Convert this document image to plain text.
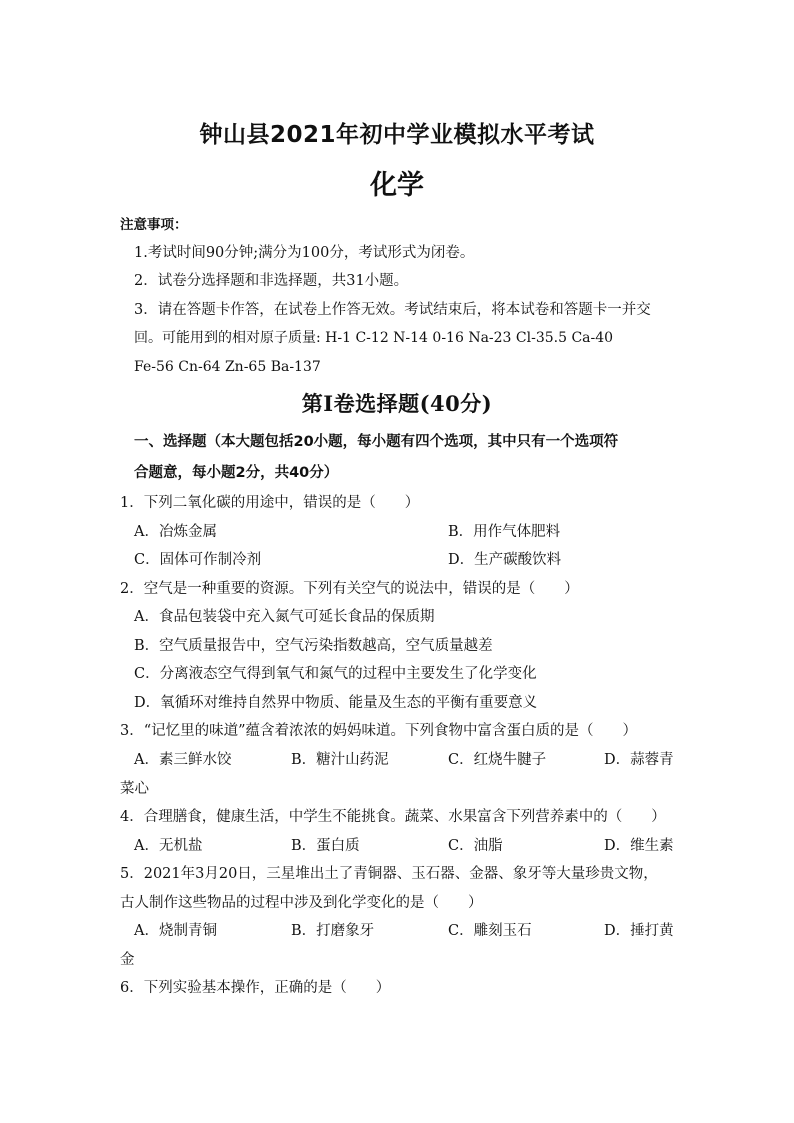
钟山县2021年初中学业模拟水平考试
化学
注意事项：
1.考试时间90分钟;满分为100分，考试形式为闭卷。
2．试卷分选择题和非选择题，共31小题。
3．请在答题卡作答，在试卷上作答无效。考试结束后，将本试卷和答题卡一并交
回。可能用到的相对原子质量: H-1 C-12 N-14 0-16 Na-23 Cl-35.5 Ca-40
Fe-56 Cn-64 Zn-65 Ba-137
第Ⅰ卷选择题(40分)
一、选择题（本大题包括20小题，每小题有四个选项，其中只有一个选项符
合题意，每小题2分，共40分）
1．下列二氧化碳的用途中，错误的是（　　）
A．冶炼金属	B．用作气体肥料
C．固体可作制冷剂	D．生产碳酸饮料
2．空气是一种重要的资源。下列有关空气的说法中，错误的是（　　）
A．食品包装袋中充入氮气可延长食品的保质期
B．空气质量报告中，空气污染指数越高，空气质量越差
C．分离液态空气得到氧气和氮气的过程中主要发生了化学变化
D．氧循环对维持自然界中物质、能量及生态的平衡有重要意义
3．“记忆里的味道”蕴含着浓浓的妈妈味道。下列食物中富含蛋白质的是（　　）
A．素三鲜水饺	B．糖汁山药泥	C．红烧牛腱子	D．蒜蓉青
菜心
4．合理膳食，健康生活，中学生不能挑食。蔬菜、水果富含下列营养素中的（　　）
A．无机盐	B．蛋白质	C．油脂	D．维生素
5．2021年3月20日，三星堆出土了青铜器、玉石器、金器、象牙等大量珍贵文物，
古人制作这些物品的过程中涉及到化学变化的是（　　）
A．烧制青铜	B．打磨象牙	C．雕刻玉石	D．捶打黄
金
6．下列实验基本操作，正确的是（　　）
